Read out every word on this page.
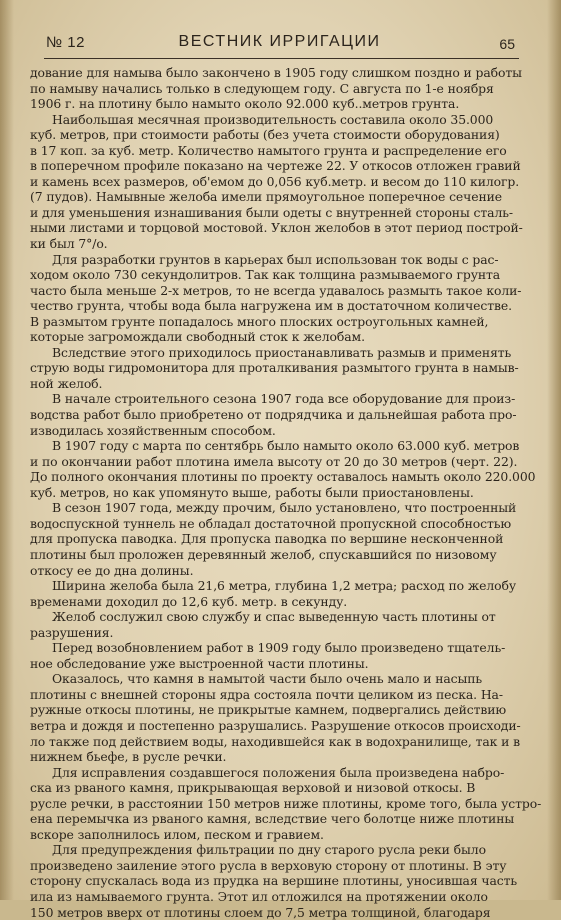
№ 12	ВЕСТНИК ИРРИГАЦИИ	65
дование для намыва было закончено в 1905 году слишком поздно и работы
по намыву начались только в следующем году. С августа по 1-е ноября
1906 г. на плотину было намыто около 92.000 куб..метров грунта.
Наибольшая месячная производительность составила около 35.000
куб. метров, при стоимости работы (без учета стоимости оборудования)
в 17 коп. за куб. метр. Количество намытого грунта и распределение его
в поперечном профиле показано на чертеже 22. У откосов отложен гравий
и камень всех размеров, об'емом до 0,056 куб.метр. и весом до 110 килогр.
(7 пудов). Намывные желоба имели прямоугольное поперечное сечение
и для уменьшения изнашивания были одеты с внутренней стороны сталь-
ными листами и торцовой мостовой. Уклон желобов в этот период построй-
ки был 7°/о.
Для разработки грунтов в карьерах был использован ток воды с рас-
ходом около 730 секундолитров. Так как толщина размываемого грунта
часто была меньше 2-х метров, то не всегда удавалось размыть такое коли-
чество грунта, чтобы вода была нагружена им в достаточном количестве.
В размытом грунте попадалось много плоских остроугольных камней,
которые загромождали свободный сток к желобам.
Вследствие этого приходилось приостанавливать размыв и применять
струю воды гидромонитора для проталкивания размытого грунта в намыв-
ной желоб.
В начале строительного сезона 1907 года все оборудование для произ-
водства работ было приобретено от подрядчика и дальнейшая работа про-
изводилась хозяйственным способом.
В 1907 году с марта по сентябрь было намыто около 63.000 куб. метров
и по окончании работ плотина имела высоту от 20 до 30 метров (черт. 22).
До полного окончания плотины по проекту оставалось намыть около 220.000
куб. метров, но как упомянуто выше, работы были приостановлены.
В сезон 1907 года, между прочим, было установлено, что построенный
водоспускной туннель не обладал достаточной пропускной способностью
для пропуска паводка. Для пропуска паводка по вершине несконченной
плотины был проложен деревянный желоб, спускавшийся по низовому
откосу ее до дна долины.
Ширина желоба была 21,6 метра, глубина 1,2 метра; расход по желобу
временами доходил до 12,6 куб. метр. в секунду.
Желоб сослужил свою службу и спас выведенную часть плотины от
разрушения.
Перед возобновлением работ в 1909 году было произведено тщатель-
ное обследование уже выстроенной части плотины.
Оказалось, что камня в намытой части было очень мало и насыпь
плотины с внешней стороны ядра состояла почти целиком из песка. На-
ружные откосы плотины, не прикрытые камнем, подвергались действию
ветра и дождя и постепенно разрушались. Разрушение откосов происходи-
ло также под действием воды, находившейся как в водохранилище, так и в
нижнем бьефе, в русле речки.
Для исправления создавшегося положения была произведена набро-
ска из рваного камня, прикрывающая верховой и низовой откосы. В
русле речки, в расстоянии 150 метров ниже плотины, кроме того, была устро-
ена перемычка из рваного камня, вследствие чего болотце ниже плотины
вскоре заполнилось илом, песком и гравием.
Для предупреждения фильтрации по дну старого русла реки было
произведено заиление этого русла в верховую сторону от плотины. В эту
сторону спускалась вода из прудка на вершине плотины, уносившая часть
ила из намываемого грунта. Этот ил отложился на протяжении около
150 метров вверх от плотины слоем до 7,5 метра толщиной, благодаря
